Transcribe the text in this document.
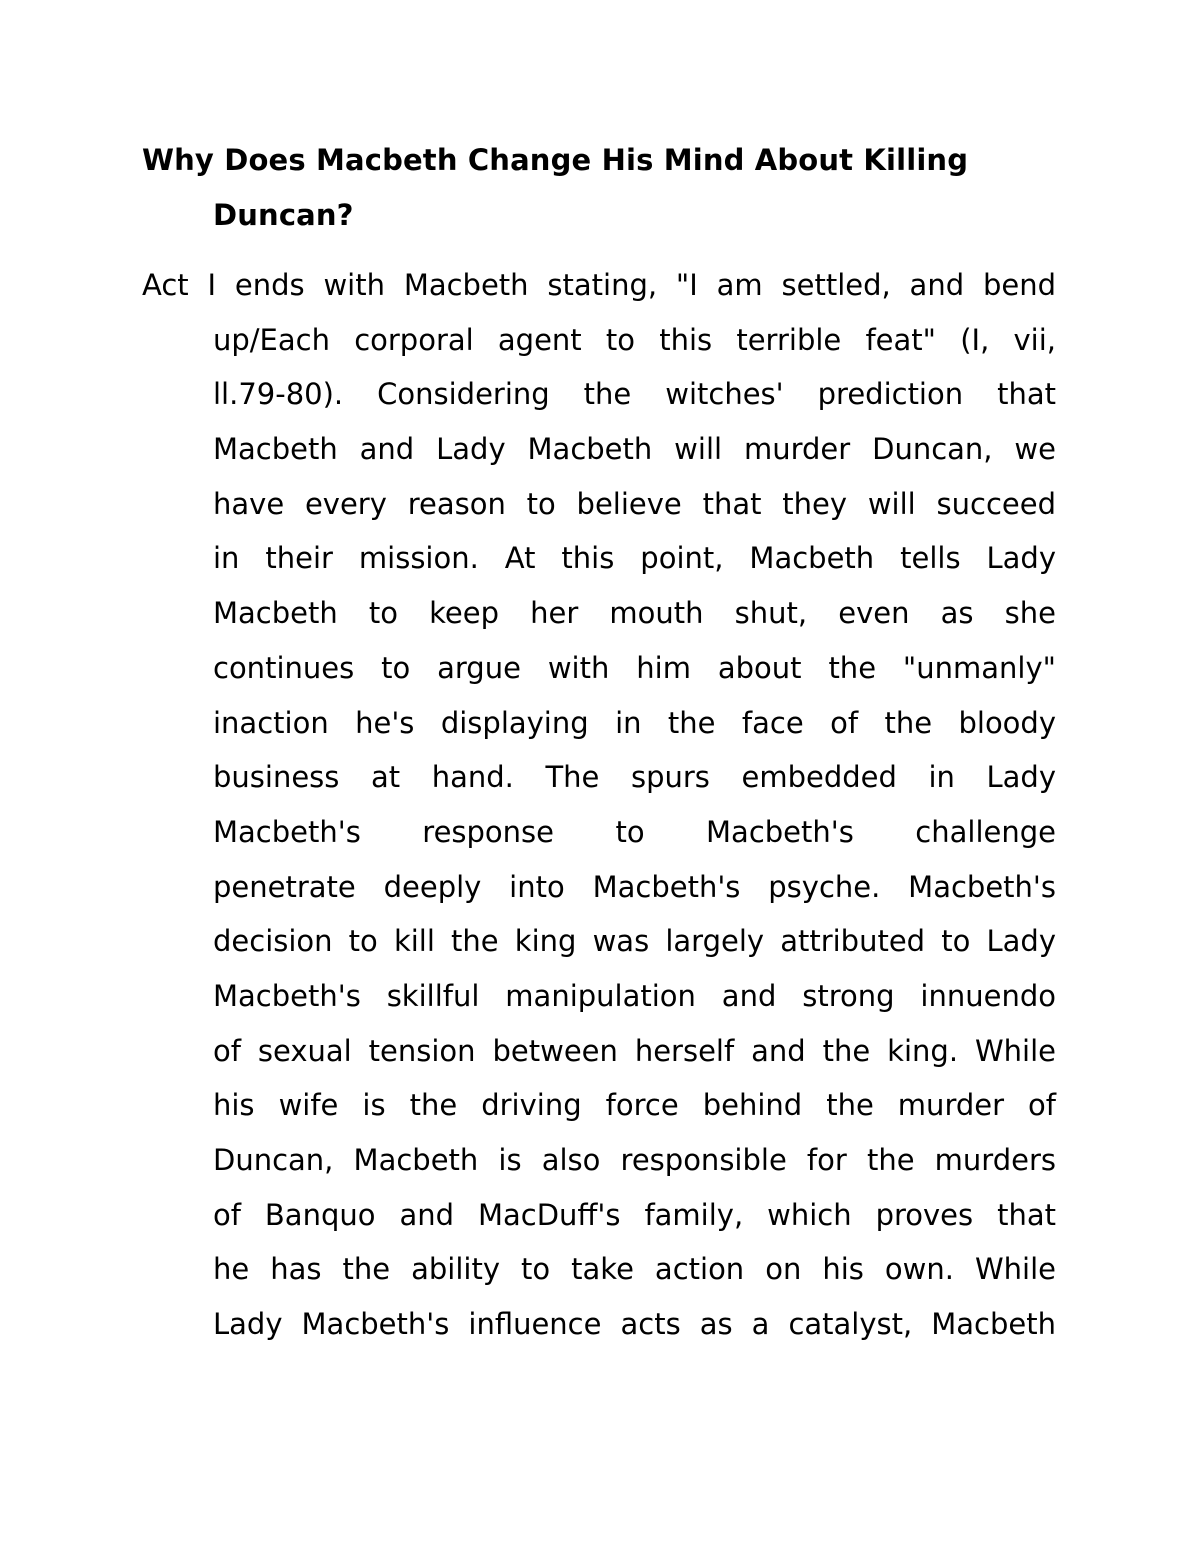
Why Does Macbeth Change His Mind About Killing
Duncan?
Act I ends with Macbeth stating, "I am settled, and bend
up/Each corporal agent to this terrible feat" (I, vii,
ll.79-80). Considering the witches' prediction that
Macbeth and Lady Macbeth will murder Duncan, we
have every reason to believe that they will succeed
in their mission. At this point, Macbeth tells Lady
Macbeth to keep her mouth shut, even as she
continues to argue with him about the "unmanly"
inaction he's displaying in the face of the bloody
business at hand. The spurs embedded in Lady
Macbeth's response to Macbeth's challenge
penetrate deeply into Macbeth's psyche. Macbeth's
decision to kill the king was largely attributed to Lady
Macbeth's skillful manipulation and strong innuendo
of sexual tension between herself and the king. While
his wife is the driving force behind the murder of
Duncan, Macbeth is also responsible for the murders
of Banquo and MacDuff's family, which proves that
he has the ability to take action on his own. While
Lady Macbeth's influence acts as a catalyst, Macbeth
